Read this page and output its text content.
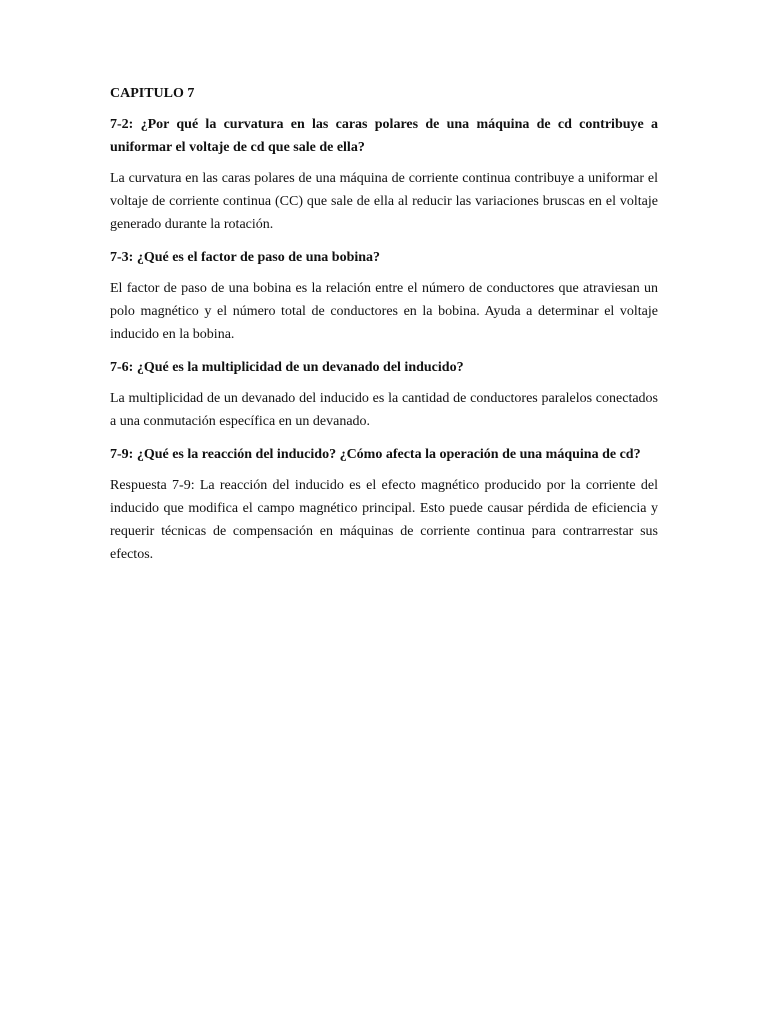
CAPITULO 7
7-2: ¿Por qué la curvatura en las caras polares de una máquina de cd contribuye a uniformar el voltaje de cd que sale de ella?
La curvatura en las caras polares de una máquina de corriente continua contribuye a uniformar el voltaje de corriente continua (CC) que sale de ella al reducir las variaciones bruscas en el voltaje generado durante la rotación.
7-3: ¿Qué es el factor de paso de una bobina?
El factor de paso de una bobina es la relación entre el número de conductores que atraviesan un polo magnético y el número total de conductores en la bobina. Ayuda a determinar el voltaje inducido en la bobina.
7-6: ¿Qué es la multiplicidad de un devanado del inducido?
La multiplicidad de un devanado del inducido es la cantidad de conductores paralelos conectados a una conmutación específica en un devanado.
7-9: ¿Qué es la reacción del inducido? ¿Cómo afecta la operación de una máquina de cd?
Respuesta 7-9: La reacción del inducido es el efecto magnético producido por la corriente del inducido que modifica el campo magnético principal. Esto puede causar pérdida de eficiencia y requerir técnicas de compensación en máquinas de corriente continua para contrarrestar sus efectos.
